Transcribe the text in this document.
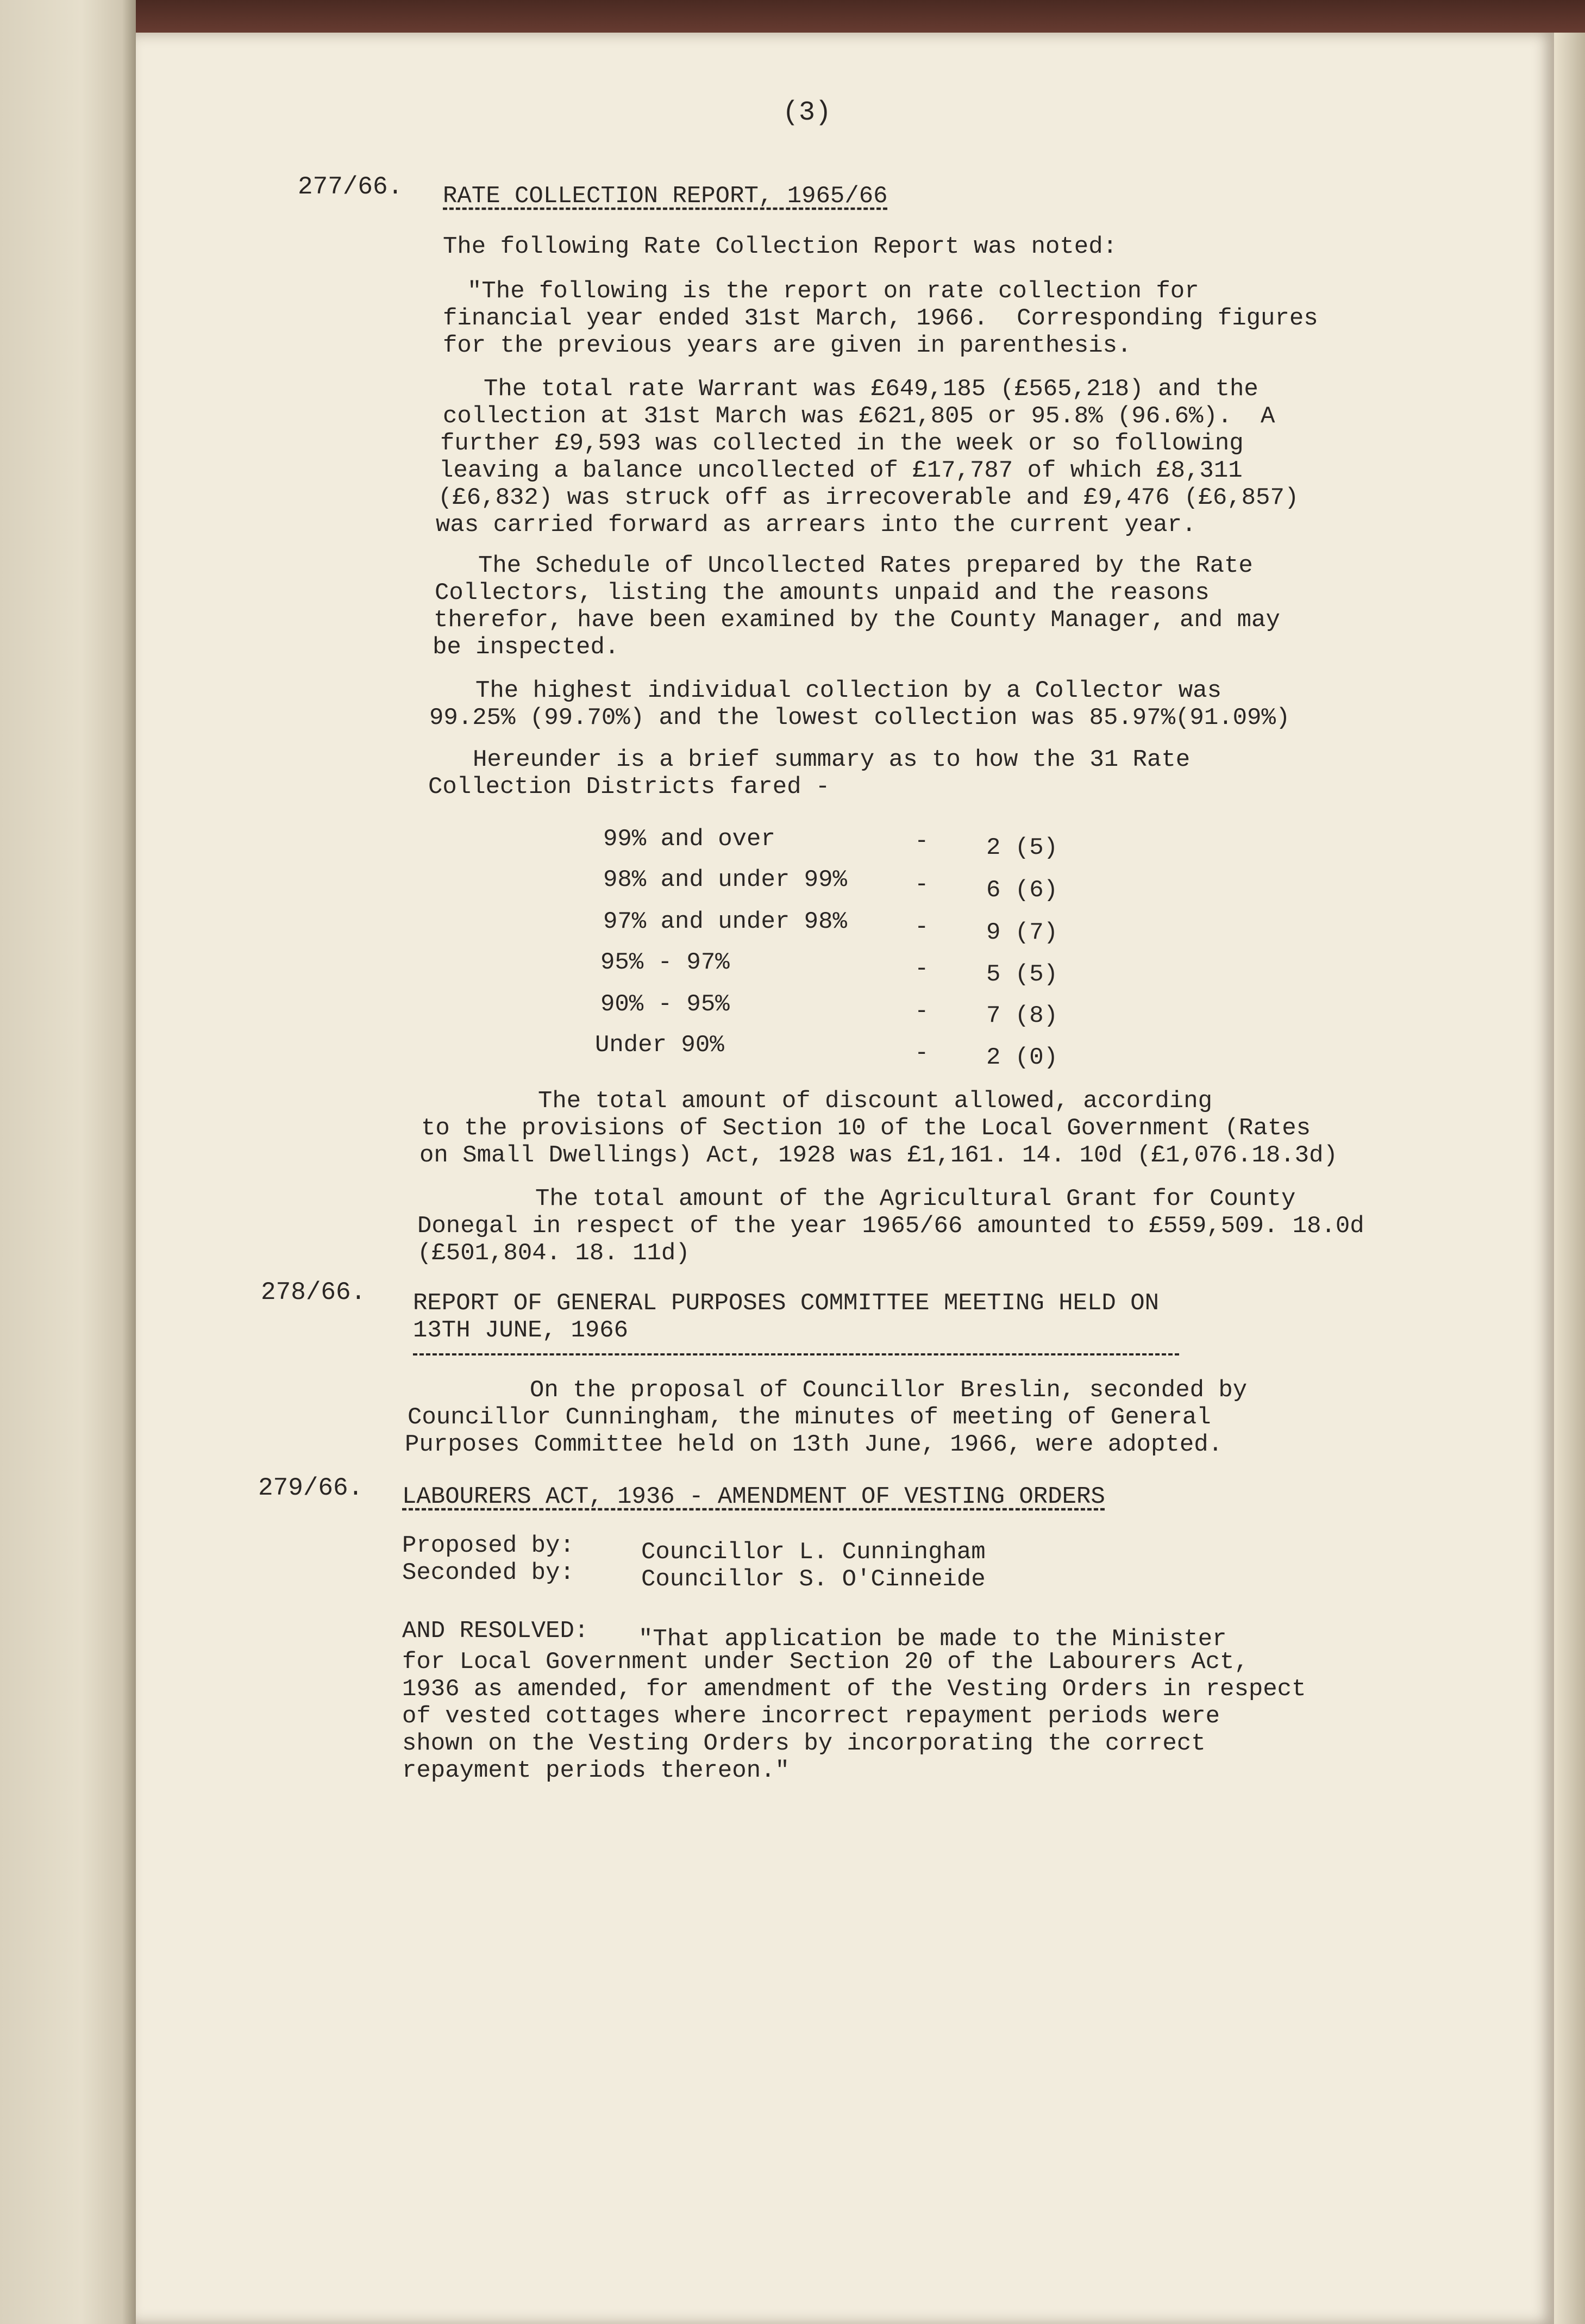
(3)
277/66. RATE COLLECTION REPORT, 1965/66
The following Rate Collection Report was noted:
"The following is the report on rate collection for
financial year ended 31st March, 1966.  Corresponding figures
for the previous years are given in parenthesis.
The total rate Warrant was £649,185 (£565,218) and the
collection at 31st March was £621,805 or 95.8% (96.6%).  A
further £9,593 was collected in the week or so following
leaving a balance uncollected of £17,787 of which £8,311
(£6,832) was struck off as irrecoverable and £9,476 (£6,857)
was carried forward as arrears into the current year.
The Schedule of Uncollected Rates prepared by the Rate
Collectors, listing the amounts unpaid and the reasons
therefor, have been examined by the County Manager, and may
be inspected.
The highest individual collection by a Collector was
99.25% (99.70%) and the lowest collection was 85.97%(91.09%)
Hereunder is a brief summary as to how the 31 Rate
Collection Districts fared -
99% and over	- 2 (5)
98% and under 99%	- 6 (6)
97% and under 98%	- 9 (7)
95% - 97%	- 5 (5)
90% - 95%	- 7 (8)
Under 90%	- 2 (0)
The total amount of discount allowed, according
to the provisions of Section 10 of the Local Government (Rates
on Small Dwellings) Act, 1928 was £1,161. 14. 10d (£1,076.18.3d)
The total amount of the Agricultural Grant for County
Donegal in respect of the year 1965/66 amounted to £559,509. 18.0d
(£501,804. 18. 11d)
278/66. REPORT OF GENERAL PURPOSES COMMITTEE MEETING HELD ON
13TH JUNE, 1966
On the proposal of Councillor Breslin, seconded by
Councillor Cunningham, the minutes of meeting of General
Purposes Committee held on 13th June, 1966, were adopted.
279/66. LABOURERS ACT, 1936 - AMENDMENT OF VESTING ORDERS
Proposed by:	Councillor L. Cunningham
Seconded by:	Councillor S. O'Cinneide
AND RESOLVED: "That application be made to the Minister
for Local Government under Section 20 of the Labourers Act,
1936 as amended, for amendment of the Vesting Orders in respect
of vested cottages where incorrect repayment periods were
shown on the Vesting Orders by incorporating the correct
repayment periods thereon."
